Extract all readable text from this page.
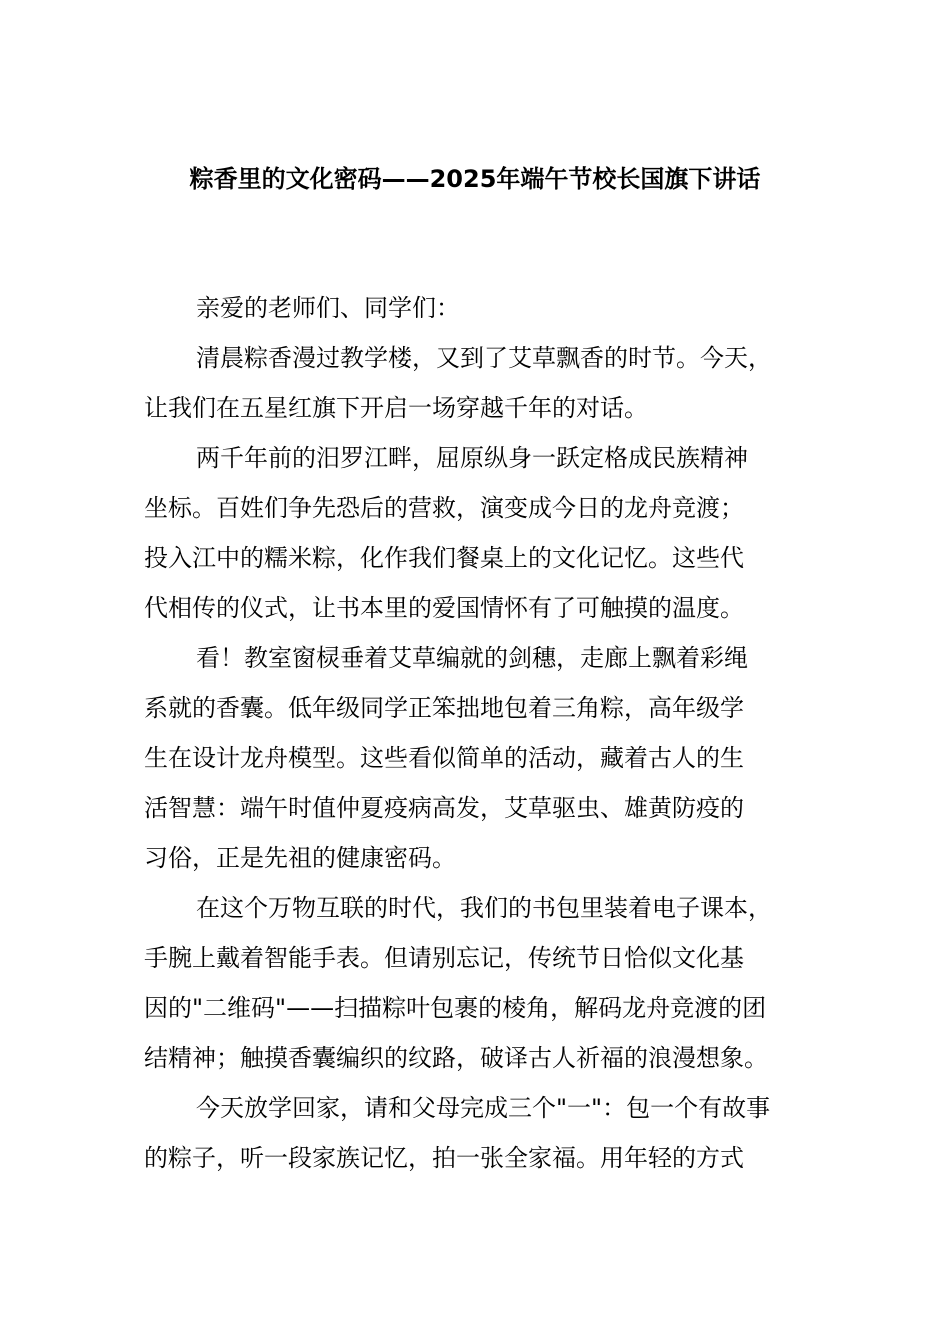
粽香里的文化密码——2025年端午节校长国旗下讲话
亲爱的老师们、同学们：
清晨粽香漫过教学楼，又到了艾草飘香的时节。今天，
让我们在五星红旗下开启一场穿越千年的对话。
两千年前的汨罗江畔，屈原纵身一跃定格成民族精神
坐标。百姓们争先恐后的营救，演变成今日的龙舟竞渡；
投入江中的糯米粽，化作我们餐桌上的文化记忆。这些代
代相传的仪式，让书本里的爱国情怀有了可触摸的温度。
看！教室窗棂垂着艾草编就的剑穗，走廊上飘着彩绳
系就的香囊。低年级同学正笨拙地包着三角粽，高年级学
生在设计龙舟模型。这些看似简单的活动，藏着古人的生
活智慧：端午时值仲夏疫病高发，艾草驱虫、雄黄防疫的
习俗，正是先祖的健康密码。
在这个万物互联的时代，我们的书包里装着电子课本，
手腕上戴着智能手表。但请别忘记，传统节日恰似文化基
因的"二维码"——扫描粽叶包裹的棱角，解码龙舟竞渡的团
结精神；触摸香囊编织的纹路，破译古人祈福的浪漫想象。
今天放学回家，请和父母完成三个"一"：包一个有故事
的粽子，听一段家族记忆，拍一张全家福。用年轻的方式
